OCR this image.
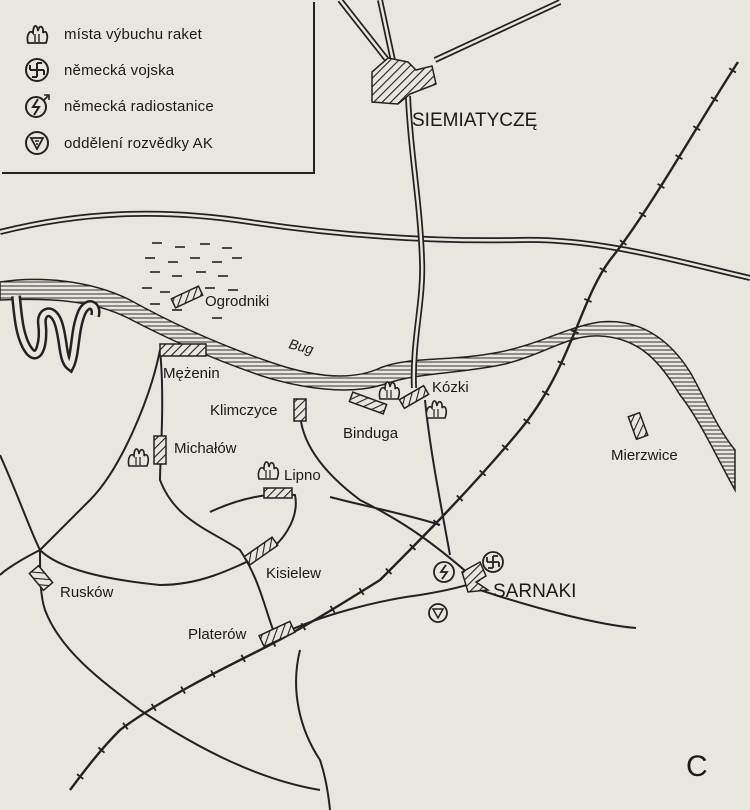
SIEMIATYCZĘ
Ogrodniki
Mężenin
Klimczyce
Binduga
Kózki
Mierzwice
Michałów
Lipno
Kisielew
Rusków
Platerów
SARNAKI
Bug
C
místa výbuchu raket
německá vojska
německá radiostanice
oddělení rozvědky AK
